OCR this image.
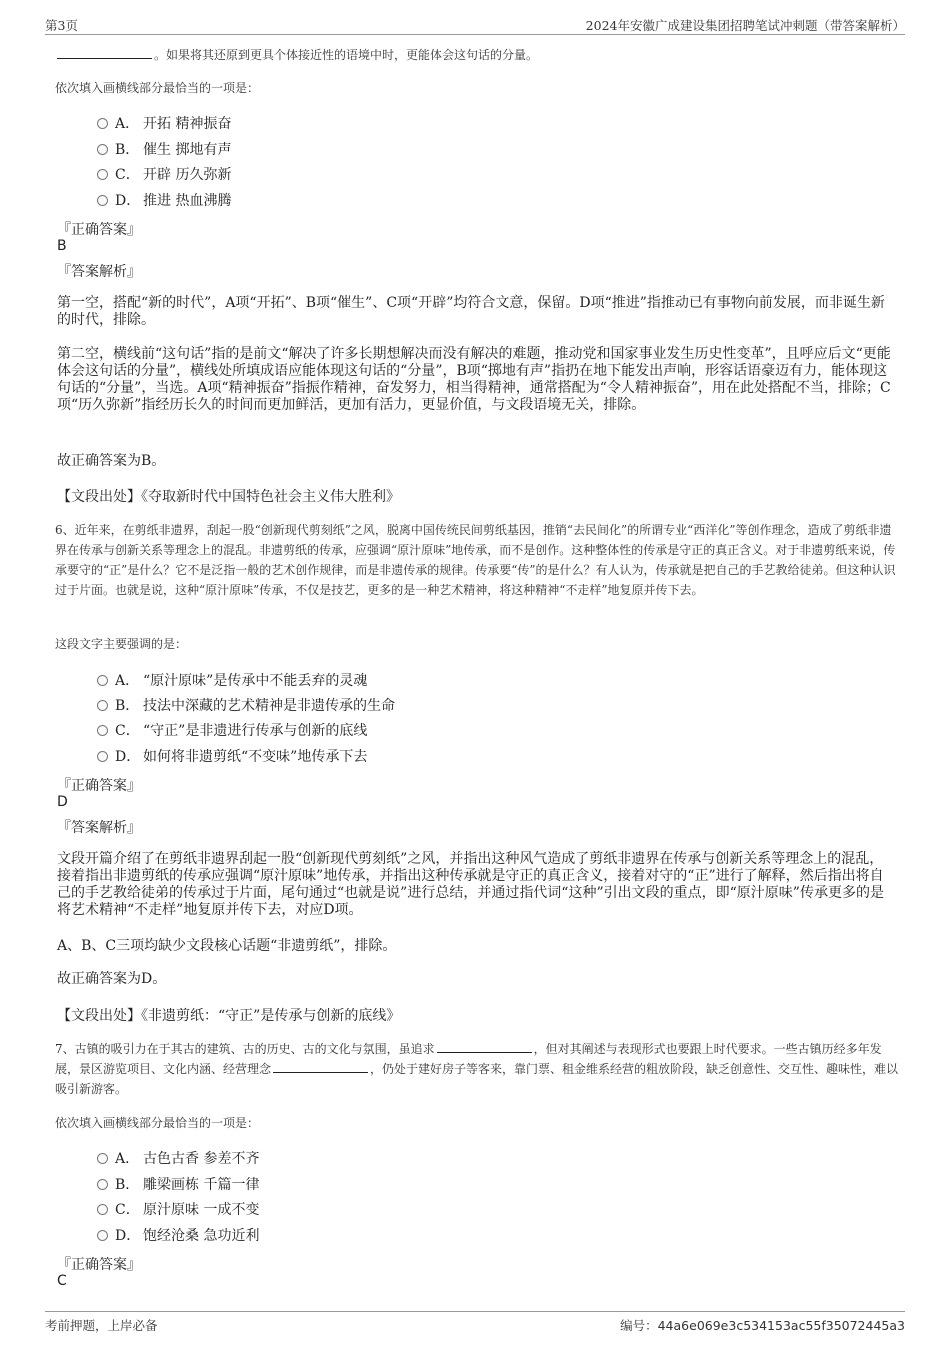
第3页	2024年安徽广成建设集团招聘笔试冲刺题（带答案解析）
。如果将其还原到更具个体接近性的语境中时，更能体会这句话的分量。
依次填入画横线部分最恰当的一项是：
A． 开拓 精神振奋
B． 催生 掷地有声
C． 开辟 历久弥新
D． 推进 热血沸腾
『正确答案』
B
『答案解析』
第一空，搭配“新的时代”，A项“开拓”、B项“催生”、C项“开辟”均符合文意，保留。D项“推进”指推动已有事物向前发展，而非诞生新的时代，排除。
第二空，横线前“这句话”指的是前文“解决了许多长期想解决而没有解决的难题，推动党和国家事业发生历史性变革”，且呼应后文“更能体会这句话的分量”，横线处所填成语应能体现这句话的“分量”，B项“掷地有声”指扔在地下能发出声响，形容话语豪迈有力，能体现这句话的“分量”，当选。A项“精神振奋”指振作精神，奋发努力，相当得精神，通常搭配为“令人精神振奋”，用在此处搭配不当，排除；C项“历久弥新”指经历长久的时间而更加鲜活，更加有活力，更显价值，与文段语境无关，排除。
故正确答案为B。
【文段出处】《夺取新时代中国特色社会主义伟大胜利》
6、近年来，在剪纸非遗界，刮起一股“创新现代剪刻纸”之风，脱离中国传统民间剪纸基因，推销“去民间化”的所谓专业“西洋化”等创作理念，造成了剪纸非遗界在传承与创新关系等理念上的混乱。非遗剪纸的传承，应强调“原汁原味”地传承，而不是创作。这种整体性的传承是守正的真正含义。对于非遗剪纸来说，传承要守的“正”是什么？它不是泛指一般的艺术创作规律，而是非遗传承的规律。传承要“传”的是什么？有人认为，传承就是把自己的手艺教给徒弟。但这种认识过于片面。也就是说，这种“原汁原味”传承，不仅是技艺，更多的是一种艺术精神，将这种精神“不走样”地复原并传下去。
这段文字主要强调的是：
A． “原汁原味”是传承中不能丢弃的灵魂
B． 技法中深藏的艺术精神是非遗传承的生命
C． “守正”是非遗进行传承与创新的底线
D． 如何将非遗剪纸“不变味”地传承下去
『正确答案』
D
『答案解析』
文段开篇介绍了在剪纸非遗界刮起一股“创新现代剪刻纸”之风，并指出这种风气造成了剪纸非遗界在传承与创新关系等理念上的混乱，接着指出非遗剪纸的传承应强调“原汁原味”地传承，并指出这种传承就是守正的真正含义，接着对守的“正”进行了解释，然后指出将自己的手艺教给徒弟的传承过于片面，尾句通过“也就是说”进行总结，并通过指代词“这种”引出文段的重点，即“原汁原味”传承更多的是将艺术精神“不走样”地复原并传下去，对应D项。
A、B、C三项均缺少文段核心话题“非遗剪纸”，排除。
故正确答案为D。
【文段出处】《非遗剪纸：“守正”是传承与创新的底线》
7、古镇的吸引力在于其古的建筑、古的历史、古的文化与氛围，虽追求	，但对其阐述与表现形式也要跟上时代要求。一些古镇历经多年发展，景区游览项目、文化内涵、经营理念	，仍处于建好房子等客来，靠门票、租金维系经营的粗放阶段，缺乏创意性、交互性、趣味性，难以吸引新游客。
依次填入画横线部分最恰当的一项是：
A． 古色古香 参差不齐
B． 雕梁画栋 千篇一律
C． 原汁原味 一成不变
D． 饱经沧桑 急功近利
『正确答案』
C
考前押题，上岸必备	编号：44a6e069e3c534153ac55f35072445a3
